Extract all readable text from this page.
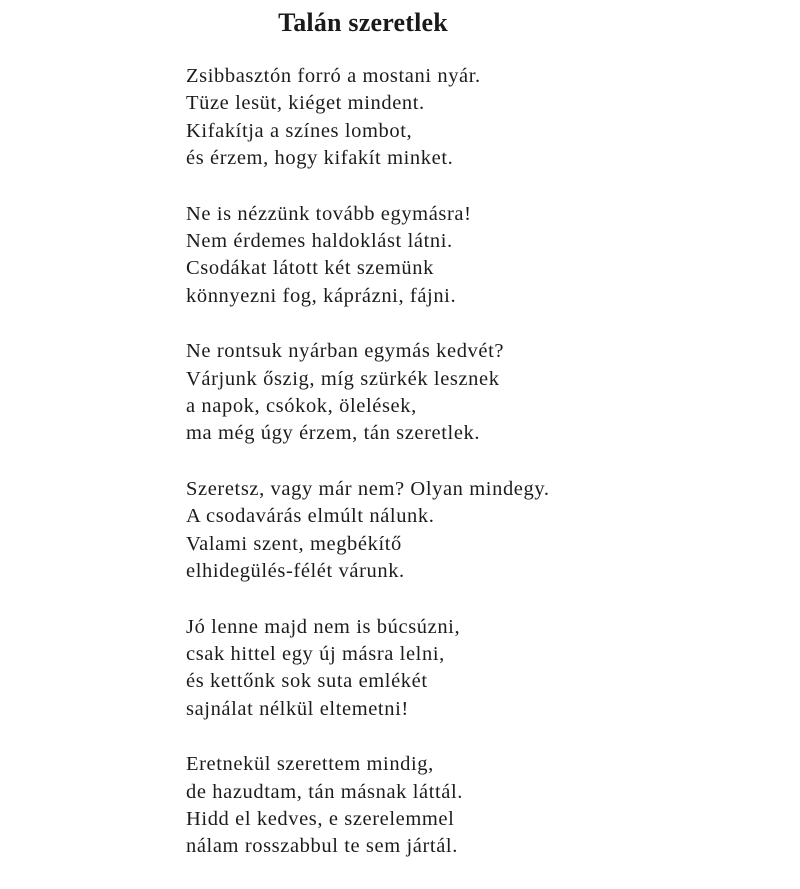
Talán szeretlek
Zsibbasztón forró a mostani nyár.
Tüze lesüt, kiéget mindent.
Kifakítja a színes lombot,
és érzem, hogy kifakít minket.
Ne is nézzünk tovább egymásra!
Nem érdemes haldoklást látni.
Csodákat látott két szemünk
könnyezni fog, káprázni, fájni.
Ne rontsuk nyárban egymás kedvét?
Várjunk őszig, míg szürkék lesznek
a napok, csókok, ölelések,
ma még úgy érzem, tán szeretlek.
Szeretsz, vagy már nem? Olyan mindegy.
A csodavárás elmúlt nálunk.
Valami szent, megbékítő
elhidegülés-félét várunk.
Jó lenne majd nem is búcsúzni,
csak hittel egy új másra lelni,
és kettőnk sok suta emlékét
sajnálat nélkül eltemetni!
Eretnekül szerettem mindig,
de hazudtam, tán másnak láttál.
Hidd el kedves, e szerelemmel
nálam rosszabbul te sem jártál.
